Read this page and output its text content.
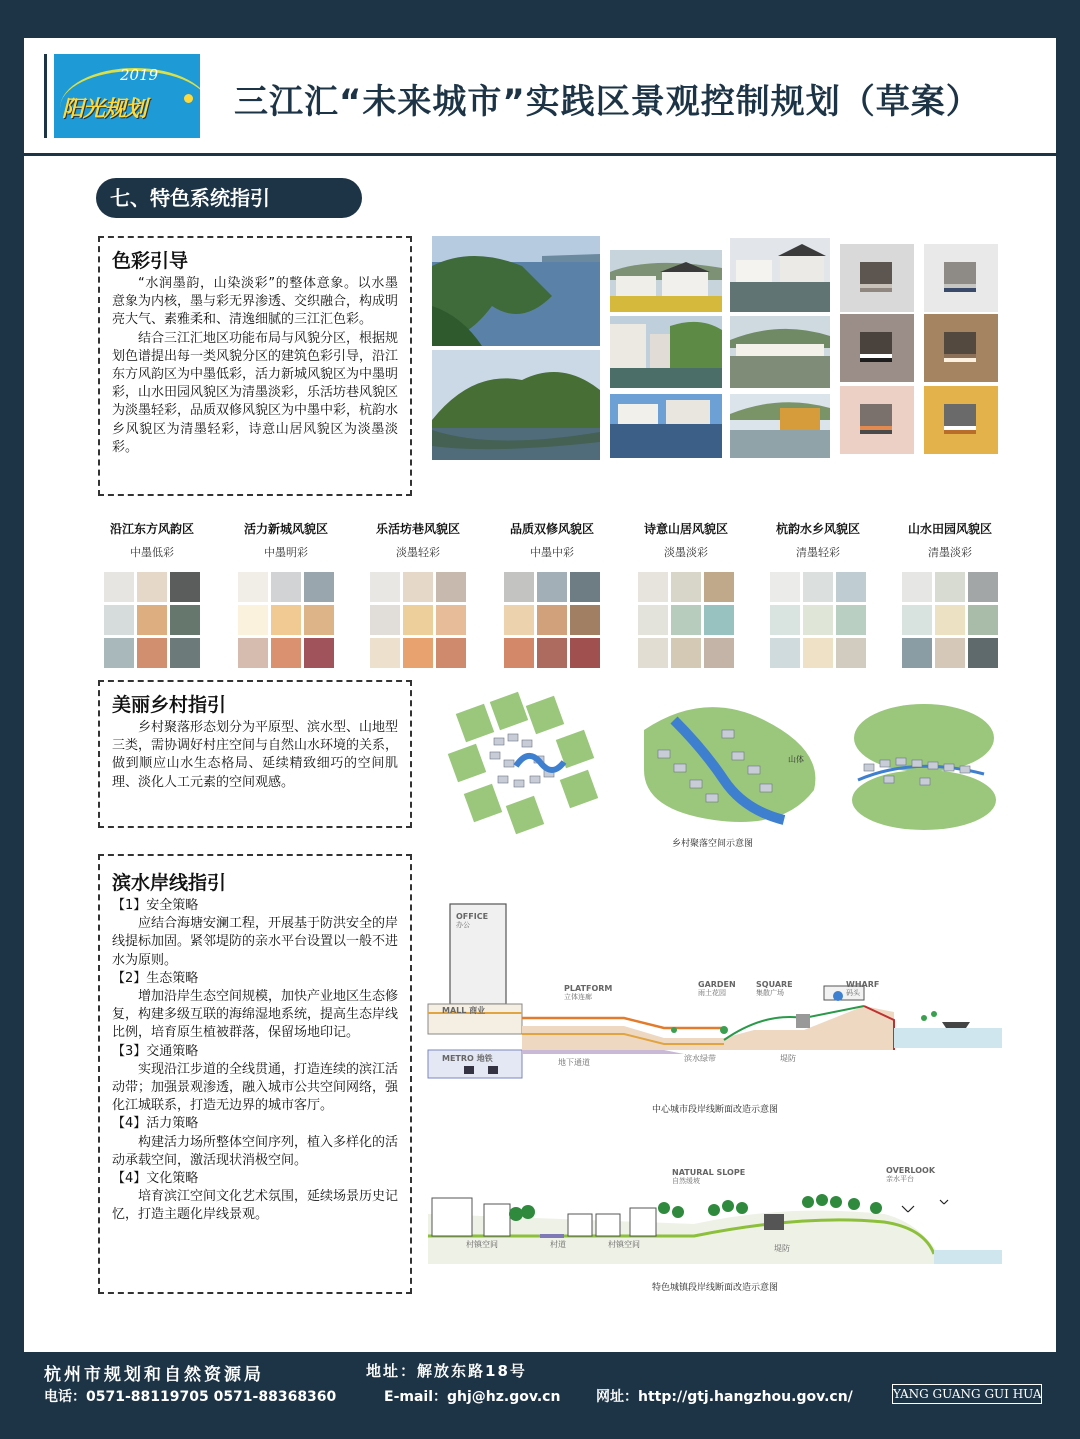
2019
阳光规划	三江汇“未来城市”实践区景观控制规划（草案）
七、特色系统指引
色彩引导

“水润墨韵，山染淡彩”的整体意象。以水墨意象为内核，墨与彩无界渗透、交织融合，构成明亮大气、素雅柔和、清逸细腻的三江汇色彩。

结合三江汇地区功能布局与风貌分区，根据规划色谱提出每一类风貌分区的建筑色彩引导，沿江东方风韵区为中墨低彩，活力新城风貌区为中墨明彩，山水田园风貌区为清墨淡彩，乐活坊巷风貌区为淡墨轻彩，品质双修风貌区为中墨中彩，杭韵水乡风貌区为清墨轻彩，诗意山居风貌区为淡墨淡彩。

沿江东方风韵区
中墨低彩
活力新城风貌区
中墨明彩
乐活坊巷风貌区
淡墨轻彩
品质双修风貌区
中墨中彩
诗意山居风貌区
淡墨淡彩
杭韵水乡风貌区
清墨轻彩
山水田园风貌区
清墨淡彩
美丽乡村指引

乡村聚落形态划分为平原型、滨水型、山地型三类，需协调好村庄空间与自然山水环境的关系，做到顺应山水生态格局、延续精致细巧的空间肌理、淡化人工元素的空间观感。

山体
乡村聚落空间示意图
滨水岸线指引

【1】安全策略

应结合海塘安澜工程，开展基于防洪安全的岸线提标加固。紧邻堤防的亲水平台设置以一般不进水为原则。

【2】生态策略

增加沿岸生态空间规模，加快产业地区生态修复，构建多级互联的海绵湿地系统，提高生态岸线比例，培育原生植被群落，保留场地印记。

【3】交通策略

实现沿江步道的全线贯通，打造连续的滨江活动带；加强景观渗透，融入城市公共空间网络，强化江城联系，打造无边界的城市客厅。

【4】活力策略

构建活力场所整体空间序列，植入多样化的活动承载空间，激活现状消极空间。

【4】文化策略

培育滨江空间文化艺术氛围，延续场景历史记忆，打造主题化岸线景观。

OFFICE
办公
MALL 商业
METRO 地铁
PLATFORM
立体连廊
GARDEN
雨土花园
SQUARE
集散广场
WHARF
码头
地下通道	滨水绿带	堤防
中心城市段岸线断面改造示意图
NATURAL SLOPE
自然缓坡
OVERLOOK
亲水平台
村镇空间	村道	村镇空间	堤防
特色城镇段岸线断面改造示意图
杭州市规划和自然资源局	地址：解放东路18号
电话：0571-88119705 0571-88368360	E-mail：ghj@hz.gov.cn	网址：http://gtj.hangzhou.gov.cn/	YANG GUANG GUI HUA
